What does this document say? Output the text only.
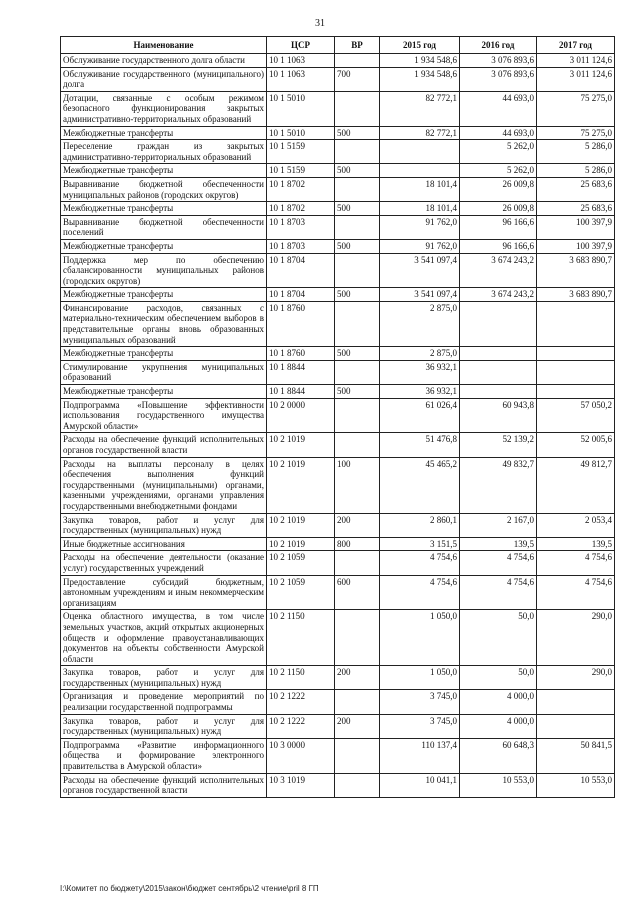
31
Наименование	ЦСР	ВР	2015 год	2016 год	2017 год
Обслуживание государственного долга области	10 1 1063		1 934 548,6	3 076 893,6	3 011 124,6
Обслуживание государственного (муниципального) долга	10 1 1063	700	1 934 548,6	3 076 893,6	3 011 124,6
Дотации, связанные с особым режимом безопасного функционирования закрытых административно-территориальных образований	10 1 5010		82 772,1	44 693,0	75 275,0
Межбюджетные трансферты	10 1 5010	500	82 772,1	44 693,0	75 275,0
Переселение граждан из закрытых административно-территориальных образований	10 1 5159			5 262,0	5 286,0
Межбюджетные трансферты	10 1 5159	500		5 262,0	5 286,0
Выравнивание бюджетной обеспеченности муниципальных районов (городских округов)	10 1 8702		18 101,4	26 009,8	25 683,6
Межбюджетные трансферты	10 1 8702	500	18 101,4	26 009,8	25 683,6
Выравнивание бюджетной обеспеченности поселений	10 1 8703		91 762,0	96 166,6	100 397,9
Межбюджетные трансферты	10 1 8703	500	91 762,0	96 166,6	100 397,9
Поддержка мер по обеспечению сбалансированности муниципальных районов (городских округов)	10 1 8704		3 541 097,4	3 674 243,2	3 683 890,7
Межбюджетные трансферты	10 1 8704	500	3 541 097,4	3 674 243,2	3 683 890,7
Финансирование расходов, связанных с материально-техническим обеспечением выборов в представительные органы вновь образованных муниципальных образований	10 1 8760		2 875,0		
Межбюджетные трансферты	10 1 8760	500	2 875,0		
Стимулирование укрупнения муниципальных образований	10 1 8844		36 932,1		
Межбюджетные трансферты	10 1 8844	500	36 932,1		
Подпрограмма «Повышение эффективности использования государственного имущества Амурской области»	10 2 0000		61 026,4	60 943,8	57 050,2
Расходы на обеспечение функций исполнительных органов государственной власти	10 2 1019		51 476,8	52 139,2	52 005,6
Расходы на выплаты персоналу в целях обеспечения выполнения функций государственными (муниципальными) органами, казенными учреждениями, органами управления государственными внебюджетными фондами	10 2 1019	100	45 465,2	49 832,7	49 812,7
Закупка товаров, работ и услуг для государственных (муниципальных) нужд	10 2 1019	200	2 860,1	2 167,0	2 053,4
Иные бюджетные ассигнования	10 2 1019	800	3 151,5	139,5	139,5
Расходы на обеспечение деятельности (оказание услуг) государственных учреждений	10 2 1059		4 754,6	4 754,6	4 754,6
Предоставление субсидий бюджетным, автономным учреждениям и иным некоммерческим организациям	10 2 1059	600	4 754,6	4 754,6	4 754,6
Оценка областного имущества, в том числе земельных участков, акций открытых акционерных обществ и оформление правоустанавливающих документов на объекты собственности Амурской области	10 2 1150		1 050,0	50,0	290,0
Закупка товаров, работ и услуг для государственных (муниципальных) нужд	10 2 1150	200	1 050,0	50,0	290,0
Организация и проведение мероприятий по реализации государственной подпрограммы	10 2 1222		3 745,0	4 000,0	
Закупка товаров, работ и услуг для государственных (муниципальных) нужд	10 2 1222	200	3 745,0	4 000,0	
Подпрограмма «Развитие информационного общества и формирование электронного правительства в Амурской области»	10 3 0000		110 137,4	60 648,3	50 841,5
Расходы на обеспечение функций исполнительных органов государственной власти	10 3 1019		10 041,1	10 553,0	10 553,0
I:\Комитет по бюджету\2015\закон\бюджет сентябрь\2 чтение\pril 8 ГП
